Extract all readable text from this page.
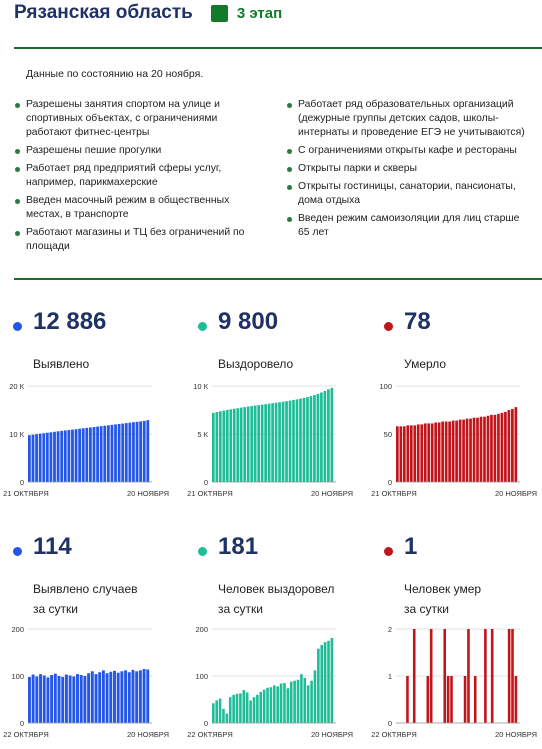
Рязанская область	3 этап
Данные по состоянию на 20 ноября.
Разрешены занятия спортом на улице и спортивных объектах, с ограничениями работают фитнес-центры
Разрешены пешие прогулки
Работает ряд предприятий сферы услуг, например, парикмахерские
Введен масочный режим в общественных местах, в транспорте
Работают магазины и ТЦ без ограничений по площади
Работает ряд образовательных организаций (дежурные группы детских садов, школы-интернаты и проведение ЕГЭ не учитываются)
С ограничениями открыты кафе и рестораны
Открыты парки и скверы
Открыты гостиницы, санатории, пансионаты, дома отдыха
Введен режим самоизоляции для лиц старше 65 лет
12 886
Выявлено
9 800
Выздоровело
78
Умерло
114
Выявлено случаев
за сутки
181
Человек выздоровел
за сутки
1
Человек умер
за сутки
0
10 К
20 К
21 ОКТЯБРЯ	20 НОЯБРЯ
0
5 К
10 К
21 ОКТЯБРЯ	20 НОЯБРЯ
0
50
100
21 ОКТЯБРЯ	20 НОЯБРЯ
0
100
200
22 ОКТЯБРЯ	20 НОЯБРЯ
0
100
200
22 ОКТЯБРЯ	20 НОЯБРЯ
0
1
2
22 ОКТЯБРЯ	20 НОЯБРЯ
